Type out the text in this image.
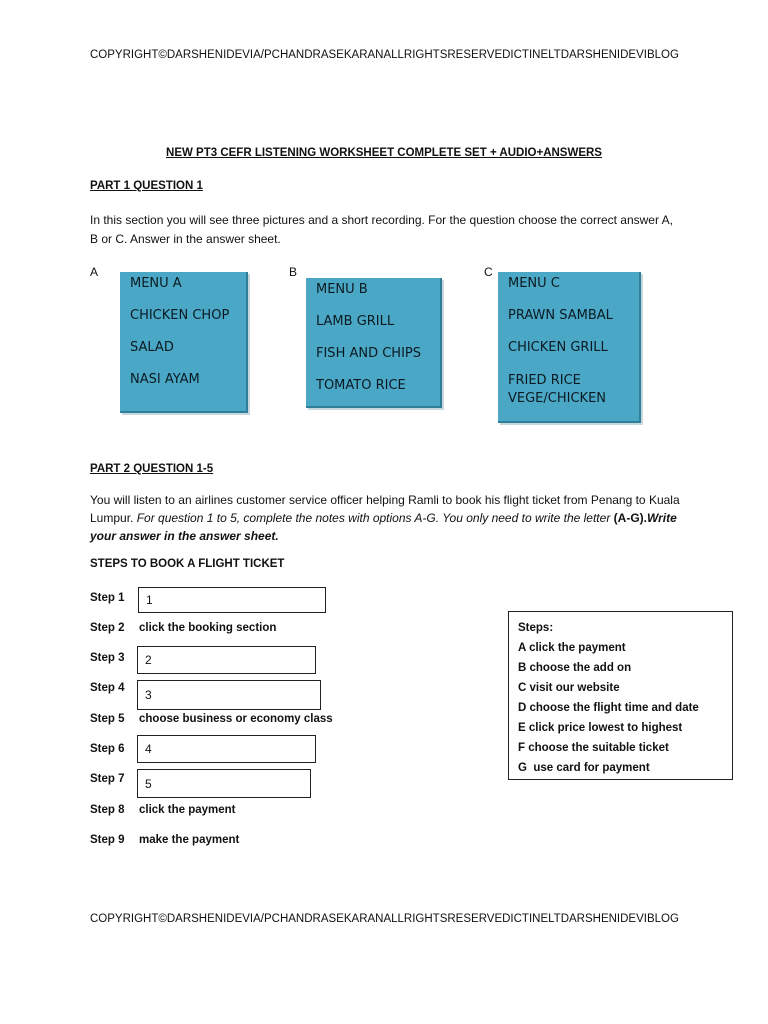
COPYRIGHT©DARSHENIDEVIA/PCHANDRASEKARANALLRIGHTSRESERVEDICTINELTDARSHENIDEVIBLOG
NEW PT3 CEFR LISTENING WORKSHEET COMPLETE SET + AUDIO+ANSWERS
PART 1 QUESTION 1
In this section you will see three pictures and a short recording. For the question choose the correct answer A, B or C. Answer in the answer sheet.
A
MENU A
CHICKEN CHOP
SALAD
NASI AYAM
B
MENU B
LAMB GRILL
FISH AND CHIPS
TOMATO RICE
C
MENU C
PRAWN SAMBAL
CHICKEN GRILL
FRIED RICE VEGE/CHICKEN
PART 2 QUESTION 1-5
You will listen to an airlines customer service officer helping Ramli to book his flight ticket from Penang to Kuala Lumpur. For question 1 to 5, complete the notes with options A-G. You only need to write the letter (A-G).Write your answer in the answer sheet.
STEPS TO BOOK A FLIGHT TICKET
Step 1	1
Step 2 click the booking section
Step 3	2
Step 4	3
Step 5 choose business or economy class
Step 6	4
Step 7	5
Step 8 click the payment
Step 9 make the payment
Steps:
A click the payment
B choose the add on
C visit our website
D choose the flight time and date
E click price lowest to highest
F choose the suitable ticket
G  use card for payment
COPYRIGHT©DARSHENIDEVIA/PCHANDRASEKARANALLRIGHTSRESERVEDICTINELTDARSHENIDEVIBLOG
